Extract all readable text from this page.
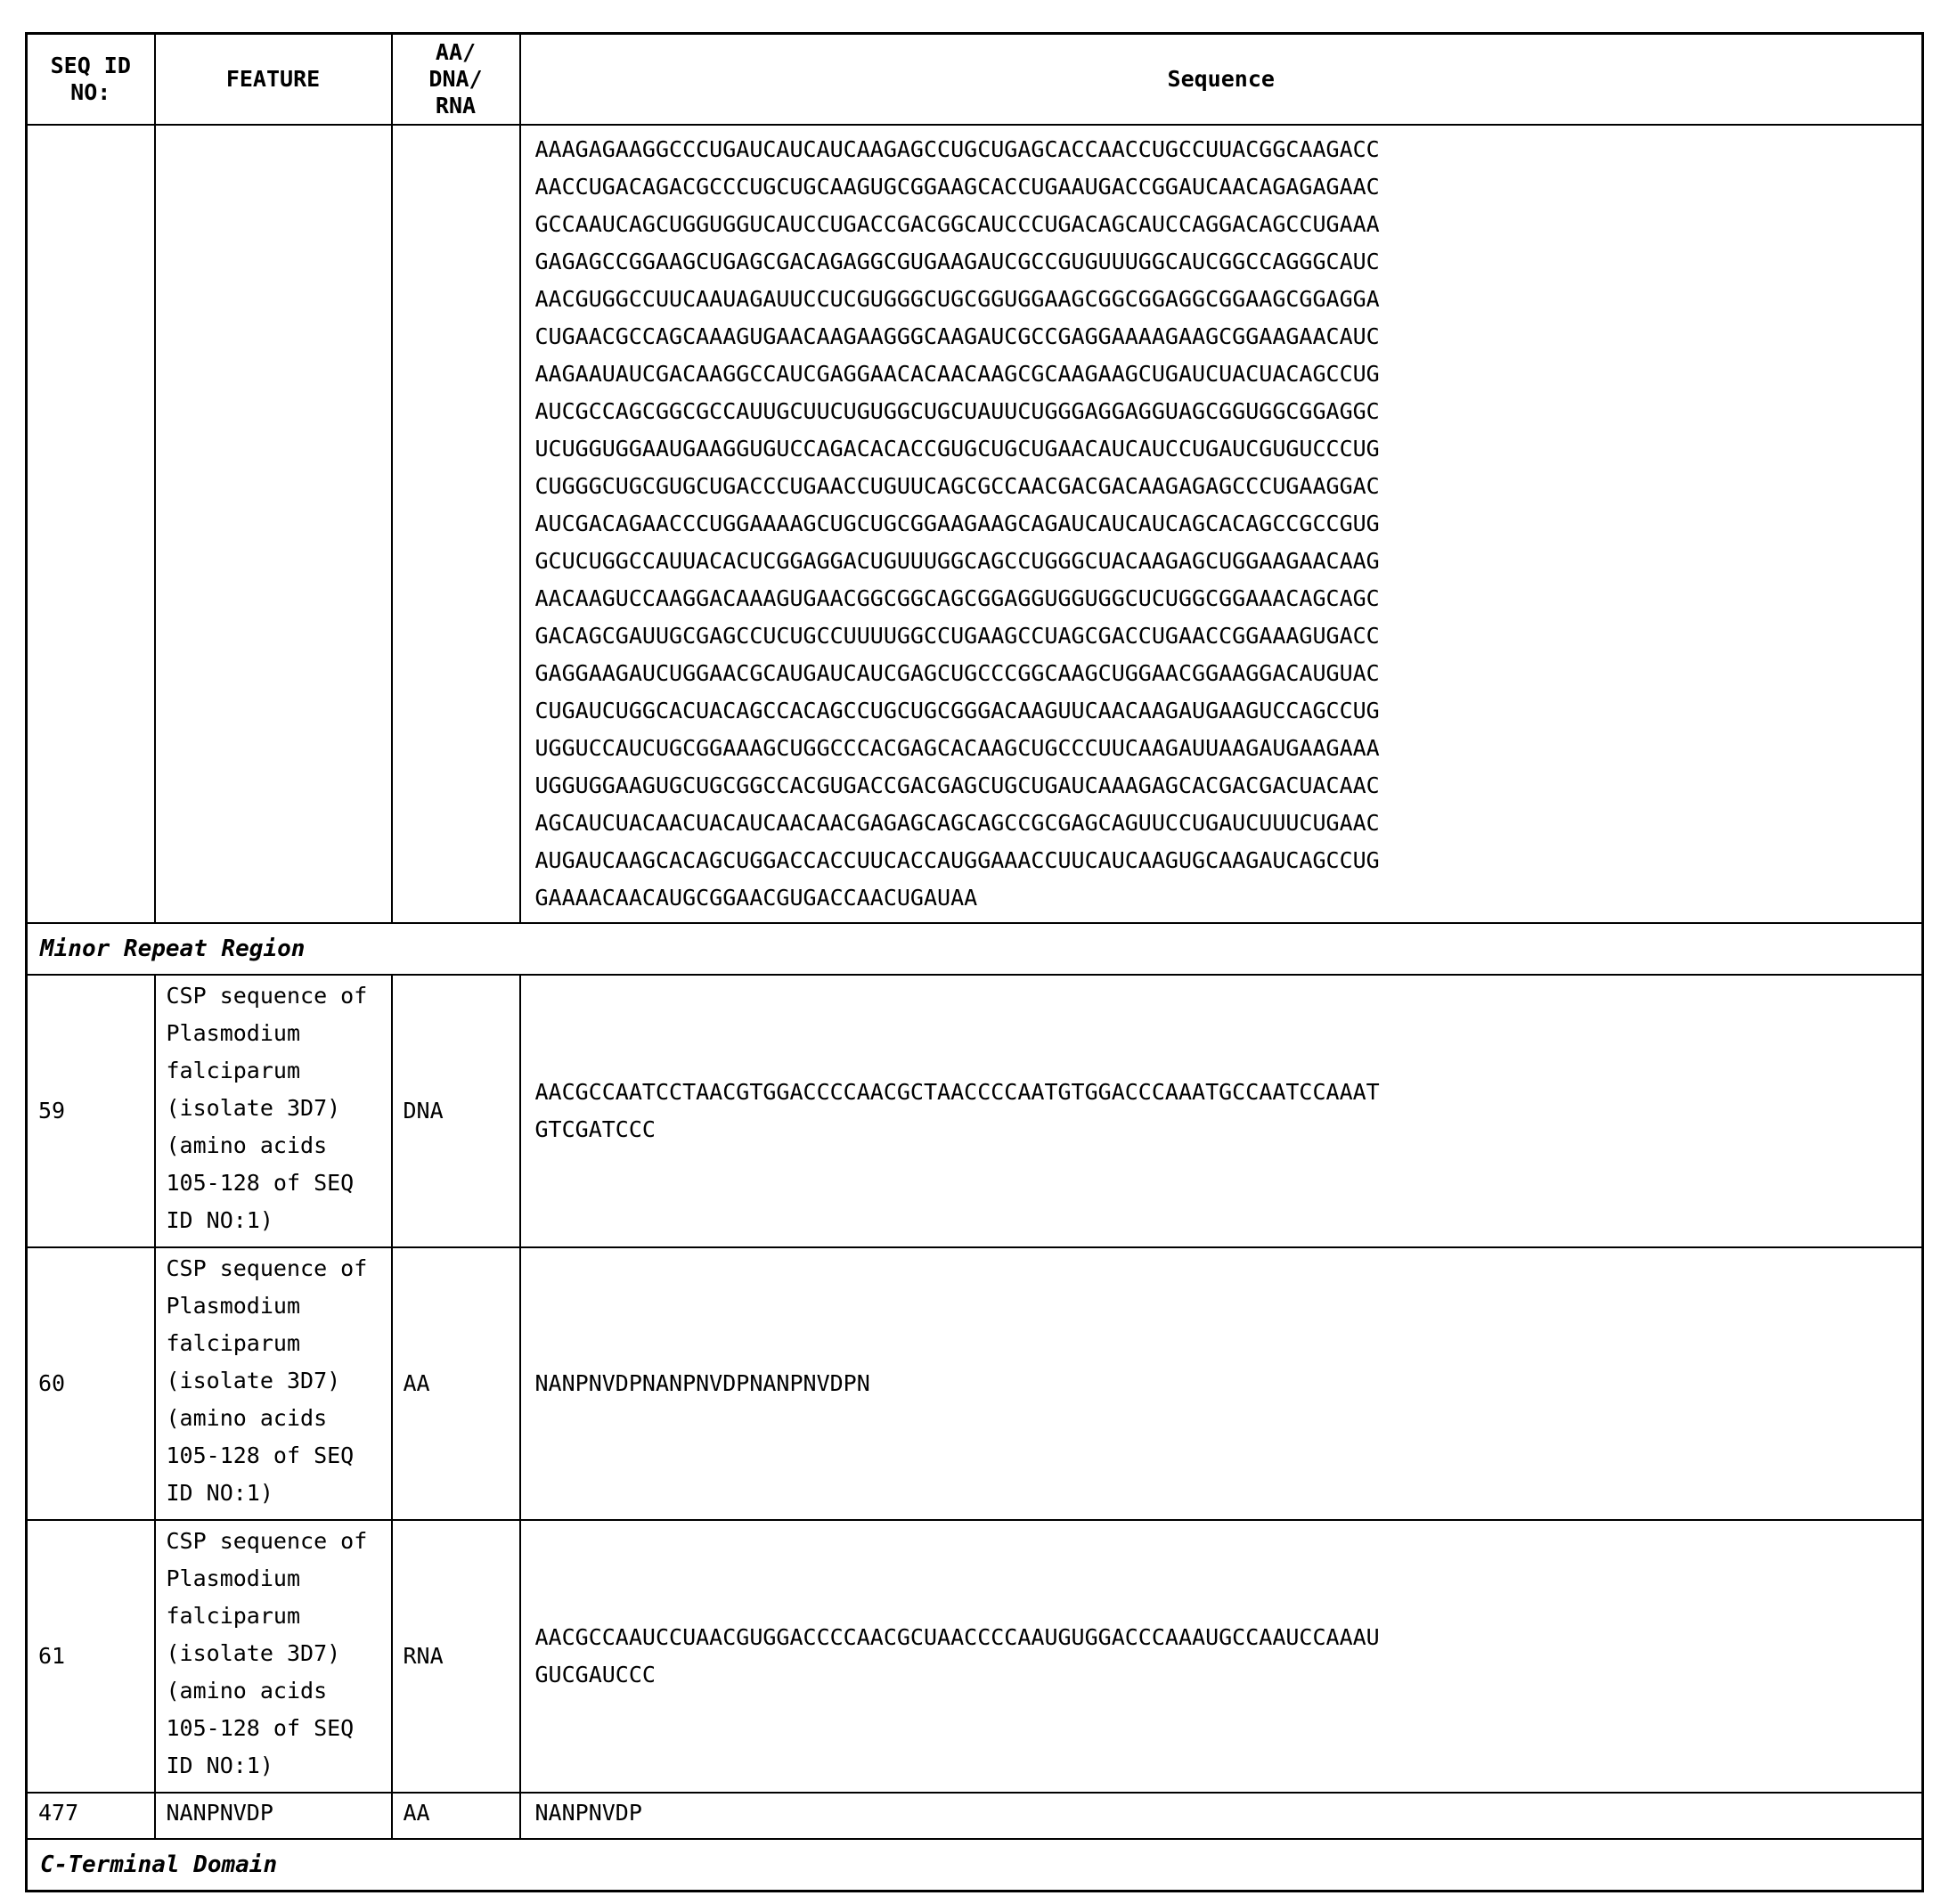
SEQ ID
NO:	FEATURE	AA/
DNA/
RNA	Sequence
			AAAGAGAAGGCCCUGAUCAUCAUCAAGAGCCUGCUGAGCACCAACCUGCCUUACGGCAAGACC
AACCUGACAGACGCCCUGCUGCAAGUGCGGAAGCACCUGAAUGACCGGAUCAACAGAGAGAAC
GCCAAUCAGCUGGUGGUCAUCCUGACCGACGGCAUCCCUGACAGCAUCCAGGACAGCCUGAAA
GAGAGCCGGAAGCUGAGCGACAGAGGCGUGAAGAUCGCCGUGUUUGGCAUCGGCCAGGGCAUC
AACGUGGCCUUCAAUAGAUUCCUCGUGGGCUGCGGUGGAAGCGGCGGAGGCGGAAGCGGAGGA
CUGAACGCCAGCAAAGUGAACAAGAAGGGCAAGAUCGCCGAGGAAAAGAAGCGGAAGAACAUC
AAGAAUAUCGACAAGGCCAUCGAGGAACACAACAAGCGCAAGAAGCUGAUCUACUACAGCCUG
AUCGCCAGCGGCGCCAUUGCUUCUGUGGCUGCUAUUCUGGGAGGAGGUAGCGGUGGCGGAGGC
UCUGGUGGAAUGAAGGUGUCCAGACACACCGUGCUGCUGAACAUCAUCCUGAUCGUGUCCCUG
CUGGGCUGCGUGCUGACCCUGAACCUGUUCAGCGCCAACGACGACAAGAGAGCCCUGAAGGAC
AUCGACAGAACCCUGGAAAAGCUGCUGCGGAAGAAGCAGAUCAUCAUCAGCACAGCCGCCGUG
GCUCUGGCCAUUACACUCGGAGGACUGUUUGGCAGCCUGGGCUACAAGAGCUGGAAGAACAAG
AACAAGUCCAAGGACAAAGUGAACGGCGGCAGCGGAGGUGGUGGCUCUGGCGGAAACAGCAGC
GACAGCGAUUGCGAGCCUCUGCCUUUUGGCCUGAAGCCUAGCGACCUGAACCGGAAAGUGACC
GAGGAAGAUCUGGAACGCAUGAUCAUCGAGCUGCCCGGCAAGCUGGAACGGAAGGACAUGUAC
CUGAUCUGGCACUACAGCCACAGCCUGCUGCGGGACAAGUUCAACAAGAUGAAGUCCAGCCUG
UGGUCCAUCUGCGGAAAGCUGGCCCACGAGCACAAGCUGCCCUUCAAGAUUAAGAUGAAGAAA
UGGUGGAAGUGCUGCGGCCACGUGACCGACGAGCUGCUGAUCAAAGAGCACGACGACUACAAC
AGCAUCUACAACUACAUCAACAACGAGAGCAGCAGCCGCGAGCAGUUCCUGAUCUUUCUGAAC
AUGAUCAAGCACAGCUGGACCACCUUCACCAUGGAAACCUUCAUCAAGUGCAAGAUCAGCCUG
GAAAACAACAUGCGGAACGUGACCAACUGAUAA
Minor Repeat Region			
59	CSP sequence of
Plasmodium
falciparum
(isolate 3D7)
(amino acids
105-128 of SEQ
ID NO:1)	DNA	AACGCCAATCCTAACGTGGACCCCAACGCTAACCCCAATGTGGACCCAAATGCCAATCCAAAT
GTCGATCCC
60	CSP sequence of
Plasmodium
falciparum
(isolate 3D7)
(amino acids
105-128 of SEQ
ID NO:1)	AA	NANPNVDPNANPNVDPNANPNVDPN
61	CSP sequence of
Plasmodium
falciparum
(isolate 3D7)
(amino acids
105-128 of SEQ
ID NO:1)	RNA	AACGCCAAUCCUAACGUGGACCCCAACGCUAACCCCAAUGUGGACCCAAAUGCCAAUCCAAAU
GUCGAUCCC
477	NANPNVDP	AA	NANPNVDP
C-Terminal Domain			
